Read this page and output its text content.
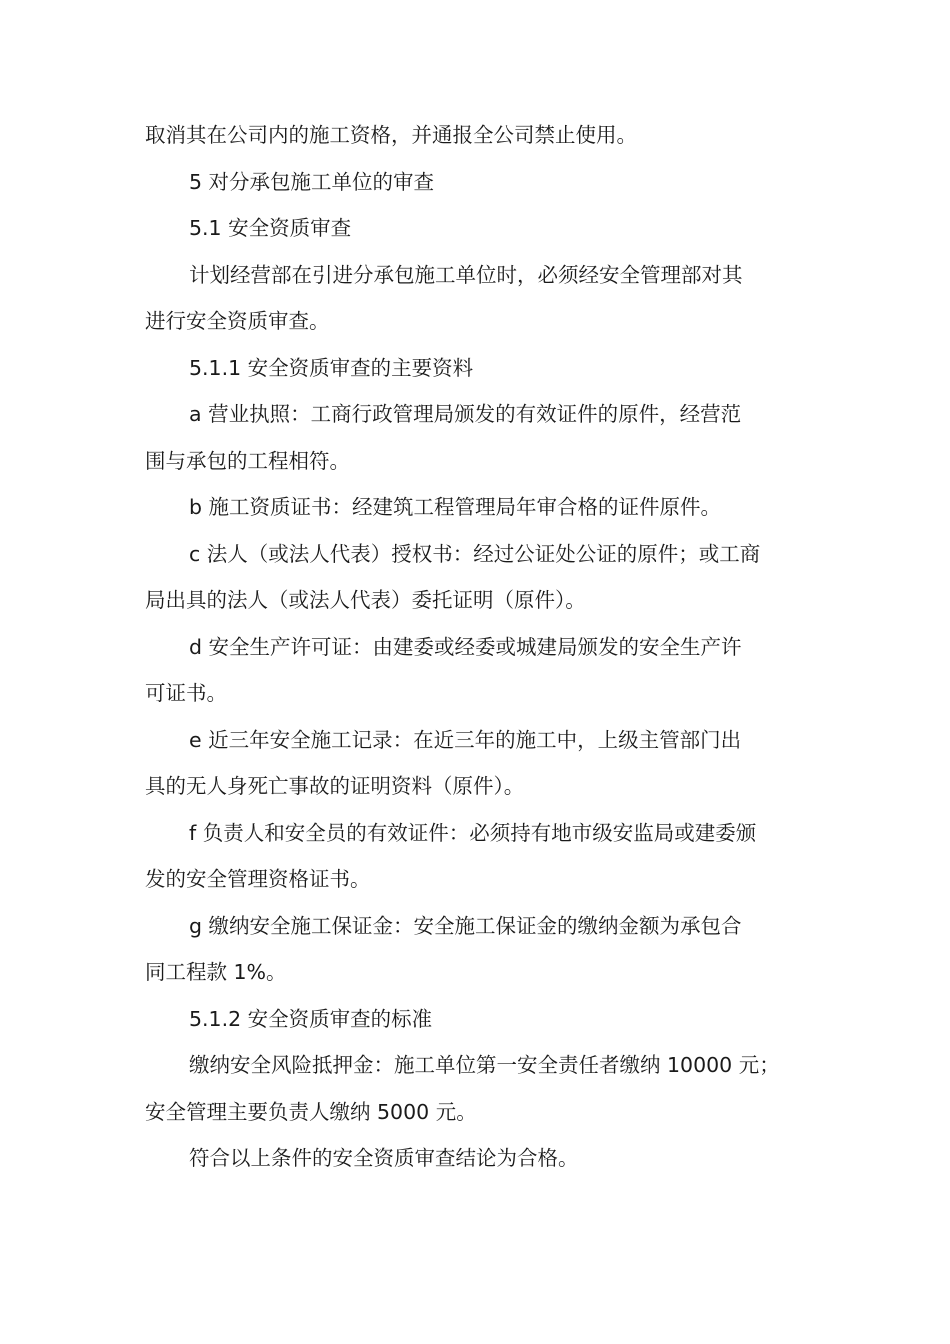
取消其在公司内的施工资格，并通报全公司禁止使用。

5 对分承包施工单位的审查

5.1 安全资质审查

计划经营部在引进分承包施工单位时，必须经安全管理部对其

进行安全资质审查。

5.1.1 安全资质审查的主要资料

a 营业执照：工商行政管理局颁发的有效证件的原件，经营范

围与承包的工程相符。

b 施工资质证书：经建筑工程管理局年审合格的证件原件。

c 法人（或法人代表）授权书：经过公证处公证的原件；或工商

局出具的法人（或法人代表）委托证明（原件）。

d 安全生产许可证：由建委或经委或城建局颁发的安全生产许

可证书。

e 近三年安全施工记录：在近三年的施工中，上级主管部门出

具的无人身死亡事故的证明资料（原件）。

f 负责人和安全员的有效证件：必须持有地市级安监局或建委颁

发的安全管理资格证书。

g 缴纳安全施工保证金：安全施工保证金的缴纳金额为承包合

同工程款 1%。

5.1.2 安全资质审查的标准

缴纳安全风险抵押金：施工单位第一安全责任者缴纳 10000 元；

安全管理主要负责人缴纳 5000 元。

符合以上条件的安全资质审查结论为合格。
